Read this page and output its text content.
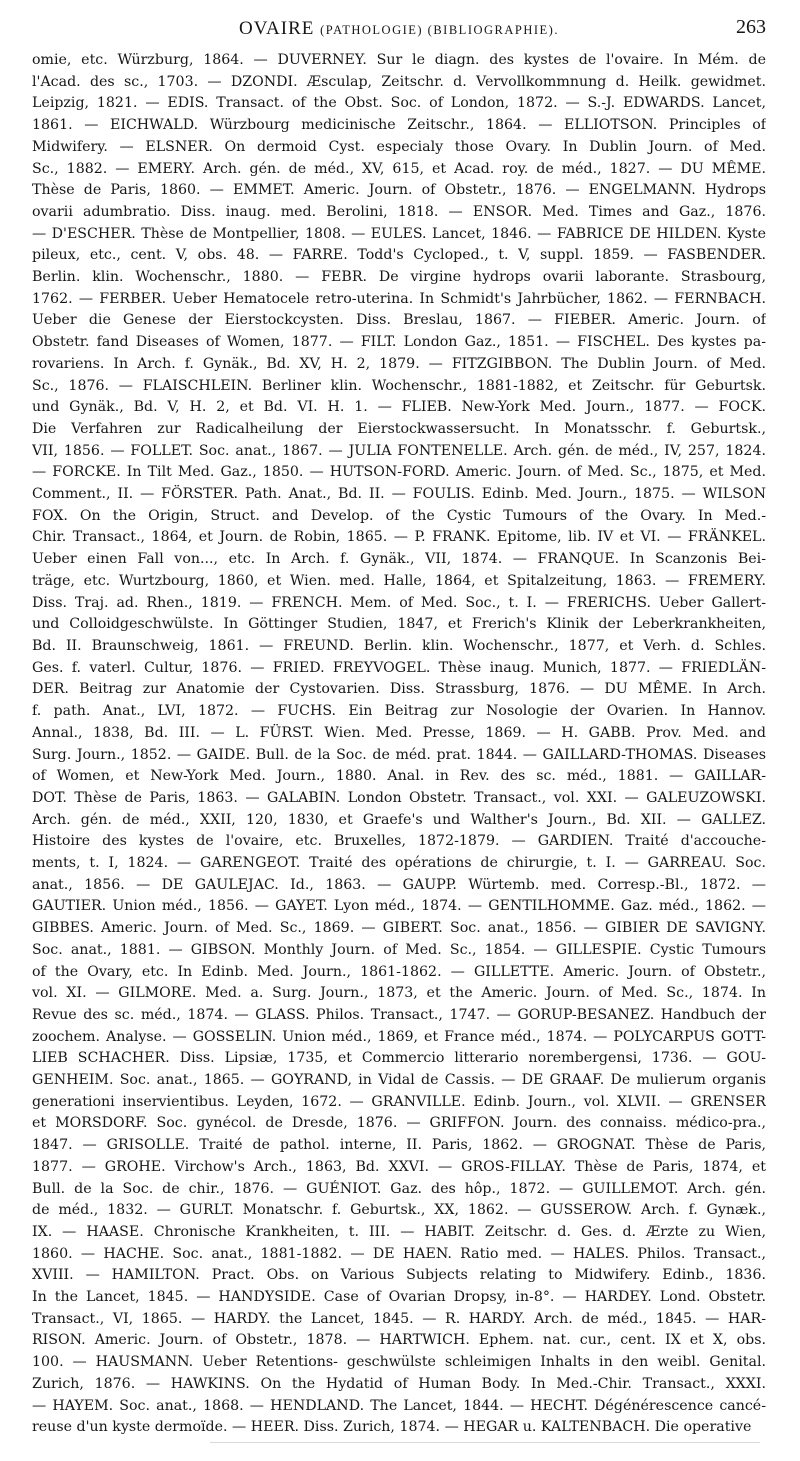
OVAIRE (PATHOLOGIE) (BIBLIOGRAPHIE).	263
omie, etc. Würzburg, 1864. — DUVERNEY. Sur le diagn. des kystes de l'ovaire. In Mém. de
l'Acad. des sc., 1703. — DZONDI. Æsculap, Zeitschr. d. Vervollkommnung d. Heilk. gewidmet.
Leipzig, 1821. — EDIS. Transact. of the Obst. Soc. of London, 1872. — S.-J. EDWARDS. Lancet,
1861. — EICHWALD. Würzbourg medicinische Zeitschr., 1864. — ELLIOTSON. Principles of
Midwifery. — ELSNER. On dermoid Cyst. especialy those Ovary. In Dublin Journ. of Med.
Sc., 1882. — EMERY. Arch. gén. de méd., XV, 615, et Acad. roy. de méd., 1827. — DU MÊME.
Thèse de Paris, 1860. — EMMET. Americ. Journ. of Obstetr., 1876. — ENGELMANN. Hydrops
ovarii adumbratio. Diss. inaug. med. Berolini, 1818. — ENSOR. Med. Times and Gaz., 1876.
— D'ESCHER. Thèse de Montpellier, 1808. — EULES. Lancet, 1846. — FABRICE DE HILDEN. Kyste
pileux, etc., cent. V, obs. 48. — FARRE. Todd's Cycloped., t. V, suppl. 1859. — FASBENDER.
Berlin. klin. Wochenschr., 1880. — FEBR. De virgine hydrops ovarii laborante. Strasbourg,
1762. — FERBER. Ueber Hematocele retro-uterina. In Schmidt's Jahrbücher, 1862. — FERNBACH.
Ueber die Genese der Eierstockcysten. Diss. Breslau, 1867. — FIEBER. Americ. Journ. of
Obstetr. fand Diseases of Women, 1877. — FILT. London Gaz., 1851. — FISCHEL. Des kystes pa-
rovariens. In Arch. f. Gynäk., Bd. XV, H. 2, 1879. — FITZGIBBON. The Dublin Journ. of Med.
Sc., 1876. — FLAISCHLEIN. Berliner klin. Wochenschr., 1881-1882, et Zeitschr. für Geburtsk.
und Gynäk., Bd. V, H. 2, et Bd. VI. H. 1. — FLIEB. New-York Med. Journ., 1877. — FOCK.
Die Verfahren zur Radicalheilung der Eierstockwassersucht. In Monatsschr. f. Geburtsk.,
VII, 1856. — FOLLET. Soc. anat., 1867. — JULIA FONTENELLE. Arch. gén. de méd., IV, 257, 1824.
— FORCKE. In Tilt Med. Gaz., 1850. — HUTSON-FORD. Americ. Journ. of Med. Sc., 1875, et Med.
Comment., II. — FÖRSTER. Path. Anat., Bd. II. — FOULIS. Edinb. Med. Journ., 1875. — WILSON
FOX. On the Origin, Struct. and Develop. of the Cystic Tumours of the Ovary. In Med.-
Chir. Transact., 1864, et Journ. de Robin, 1865. — P. FRANK. Epitome, lib. IV et VI. — FRÄNKEL.
Ueber einen Fall von..., etc. In Arch. f. Gynäk., VII, 1874. — FRANQUE. In Scanzonis Bei-
träge, etc. Wurtzbourg, 1860, et Wien. med. Halle, 1864, et Spitalzeitung, 1863. — FREMERY.
Diss. Traj. ad. Rhen., 1819. — FRENCH. Mem. of Med. Soc., t. I. — FRERICHS. Ueber Gallert-
und Colloidgeschwülste. In Göttinger Studien, 1847, et Frerich's Klinik der Leberkrankheiten,
Bd. II. Braunschweig, 1861. — FREUND. Berlin. klin. Wochenschr., 1877, et Verh. d. Schles.
Ges. f. vaterl. Cultur, 1876. — FRIED. FREYVOGEL. Thèse inaug. Munich, 1877. — FRIEDLÄN-
DER. Beitrag zur Anatomie der Cystovarien. Diss. Strassburg, 1876. — DU MÊME. In Arch.
f. path. Anat., LVI, 1872. — FUCHS. Ein Beitrag zur Nosologie der Ovarien. In Hannov.
Annal., 1838, Bd. III. — L. FÜRST. Wien. Med. Presse, 1869. — H. GABB. Prov. Med. and
Surg. Journ., 1852. — GAIDE. Bull. de la Soc. de méd. prat. 1844. — GAILLARD-THOMAS. Diseases
of Women, et New-York Med. Journ., 1880. Anal. in Rev. des sc. méd., 1881. — GAILLAR-
DOT. Thèse de Paris, 1863. — GALABIN. London Obstetr. Transact., vol. XXI. — GALEUZOWSKI.
Arch. gén. de méd., XXII, 120, 1830, et Graefe's und Walther's Journ., Bd. XII. — GALLEZ.
Histoire des kystes de l'ovaire, etc. Bruxelles, 1872-1879. — GARDIEN. Traité d'accouche-
ments, t. I, 1824. — GARENGEOT. Traité des opérations de chirurgie, t. I. — GARREAU. Soc.
anat., 1856. — DE GAULEJAC. Id., 1863. — GAUPP. Würtemb. med. Corresp.-Bl., 1872. —
GAUTIER. Union méd., 1856. — GAYET. Lyon méd., 1874. — GENTILHOMME. Gaz. méd., 1862. —
GIBBES. Americ. Journ. of Med. Sc., 1869. — GIBERT. Soc. anat., 1856. — GIBIER DE SAVIGNY.
Soc. anat., 1881. — GIBSON. Monthly Journ. of Med. Sc., 1854. — GILLESPIE. Cystic Tumours
of the Ovary, etc. In Edinb. Med. Journ., 1861-1862. — GILLETTE. Americ. Journ. of Obstetr.,
vol. XI. — GILMORE. Med. a. Surg. Journ., 1873, et the Americ. Journ. of Med. Sc., 1874. In
Revue des sc. méd., 1874. — GLASS. Philos. Transact., 1747. — GORUP-BESANEZ. Handbuch der
zoochem. Analyse. — GOSSELIN. Union méd., 1869, et France méd., 1874. — POLYCARPUS GOTT-
LIEB SCHACHER. Diss. Lipsiæ, 1735, et Commercio litterario norembergensi, 1736. — GOU-
GENHEIM. Soc. anat., 1865. — GOYRAND, in Vidal de Cassis. — DE GRAAF. De mulierum organis
generationi inservientibus. Leyden, 1672. — GRANVILLE. Edinb. Journ., vol. XLVII. — GRENSER
et MORSDORF. Soc. gynécol. de Dresde, 1876. — GRIFFON. Journ. des connaiss. médico-pra.,
1847. — GRISOLLE. Traité de pathol. interne, II. Paris, 1862. — GROGNAT. Thèse de Paris,
1877. — GROHE. Virchow's Arch., 1863, Bd. XXVI. — GROS-FILLAY. Thèse de Paris, 1874, et
Bull. de la Soc. de chir., 1876. — GUÉNIOT. Gaz. des hôp., 1872. — GUILLEMOT. Arch. gén.
de méd., 1832. — GURLT. Monatschr. f. Geburtsk., XX, 1862. — GUSSEROW. Arch. f. Gynæk.,
IX. — HAASE. Chronische Krankheiten, t. III. — HABIT. Zeitschr. d. Ges. d. Ærzte zu Wien,
1860. — HACHE. Soc. anat., 1881-1882. — DE HAEN. Ratio med. — HALES. Philos. Transact.,
XVIII. — HAMILTON. Pract. Obs. on Various Subjects relating to Midwifery. Edinb., 1836.
In the Lancet, 1845. — HANDYSIDE. Case of Ovarian Dropsy, in-8°. — HARDEY. Lond. Obstetr.
Transact., VI, 1865. — HARDY. the Lancet, 1845. — R. HARDY. Arch. de méd., 1845. — HAR-
RISON. Americ. Journ. of Obstetr., 1878. — HARTWICH. Ephem. nat. cur., cent. IX et X, obs.
100. — HAUSMANN. Ueber Retentions- geschwülste schleimigen Inhalts in den weibl. Genital.
Zurich, 1876. — HAWKINS. On the Hydatid of Human Body. In Med.-Chir. Transact., XXXI.
— HAYEM. Soc. anat., 1868. — HENDLAND. The Lancet, 1844. — HECHT. Dégénérescence cancé-
reuse d'un kyste dermoïde. — HEER. Diss. Zurich, 1874. — HEGAR u. KALTENBACH. Die operative
